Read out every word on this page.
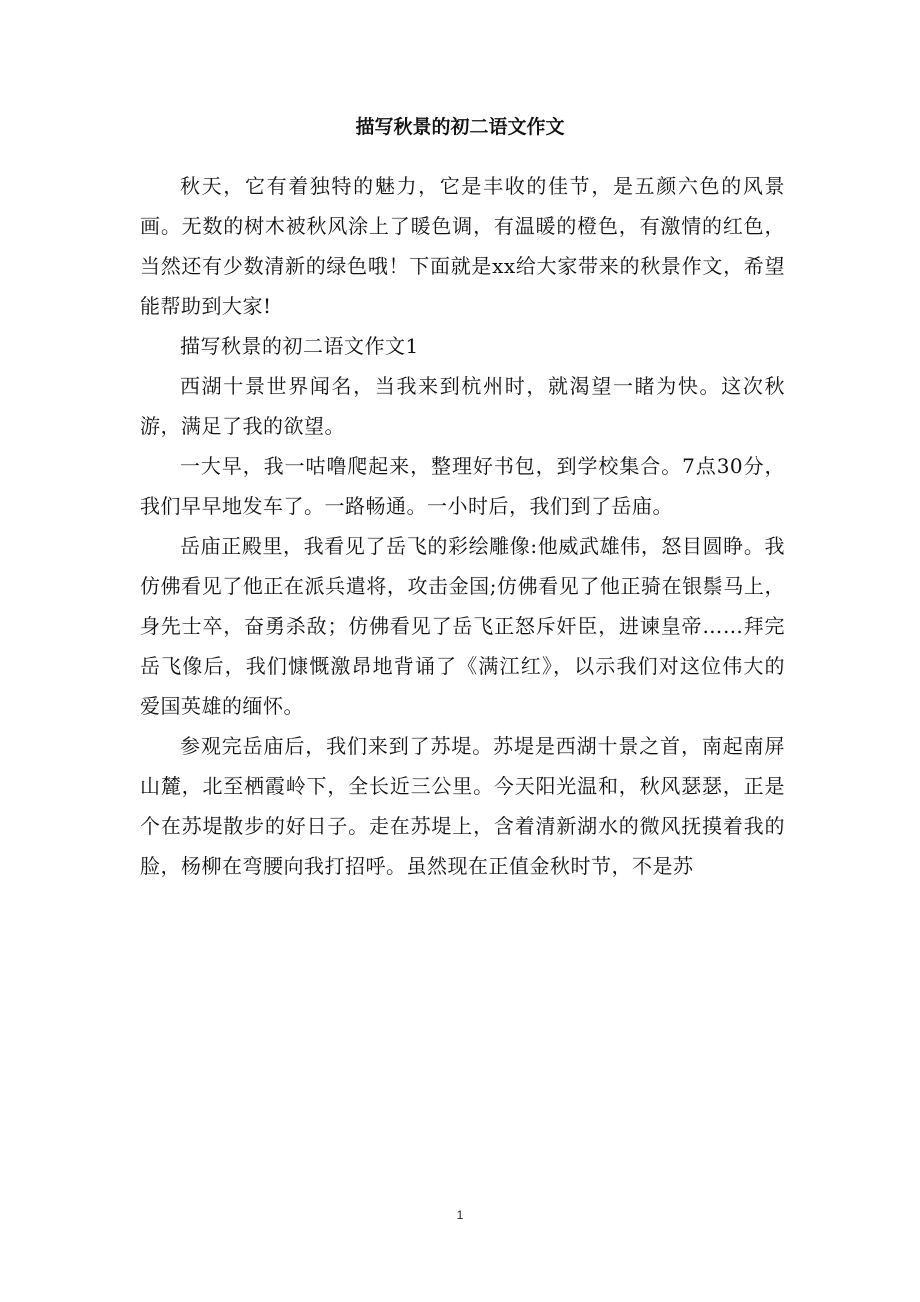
描写秋景的初二语文作文

秋天，它有着独特的魅力，它是丰收的佳节，是五颜六色的风景画。无数的树木被秋风涂上了暖色调，有温暖的橙色，有激情的红色，当然还有少数清新的绿色哦！下面就是xx给大家带来的秋景作文，希望能帮助到大家!

描写秋景的初二语文作文1

西湖十景世界闻名，当我来到杭州时，就渴望一睹为快。这次秋游，满足了我的欲望。

一大早，我一咕噜爬起来，整理好书包，到学校集合。7点30分，我们早早地发车了。一路畅通。一小时后，我们到了岳庙。

岳庙正殿里，我看见了岳飞的彩绘雕像:他威武雄伟，怒目圆睁。我仿佛看见了他正在派兵遣将，攻击金国;仿佛看见了他正骑在银鬃马上，身先士卒，奋勇杀敌；仿佛看见了岳飞正怒斥奸臣，进谏皇帝……拜完岳飞像后，我们慷慨激昂地背诵了《满江红》，以示我们对这位伟大的爱国英雄的缅怀。

参观完岳庙后，我们来到了苏堤。苏堤是西湖十景之首，南起南屏山麓，北至栖霞岭下，全长近三公里。今天阳光温和，秋风瑟瑟，正是个在苏堤散步的好日子。走在苏堤上，含着清新湖水的微风抚摸着我的脸，杨柳在弯腰向我打招呼。虽然现在正值金秋时节，不是苏

1
